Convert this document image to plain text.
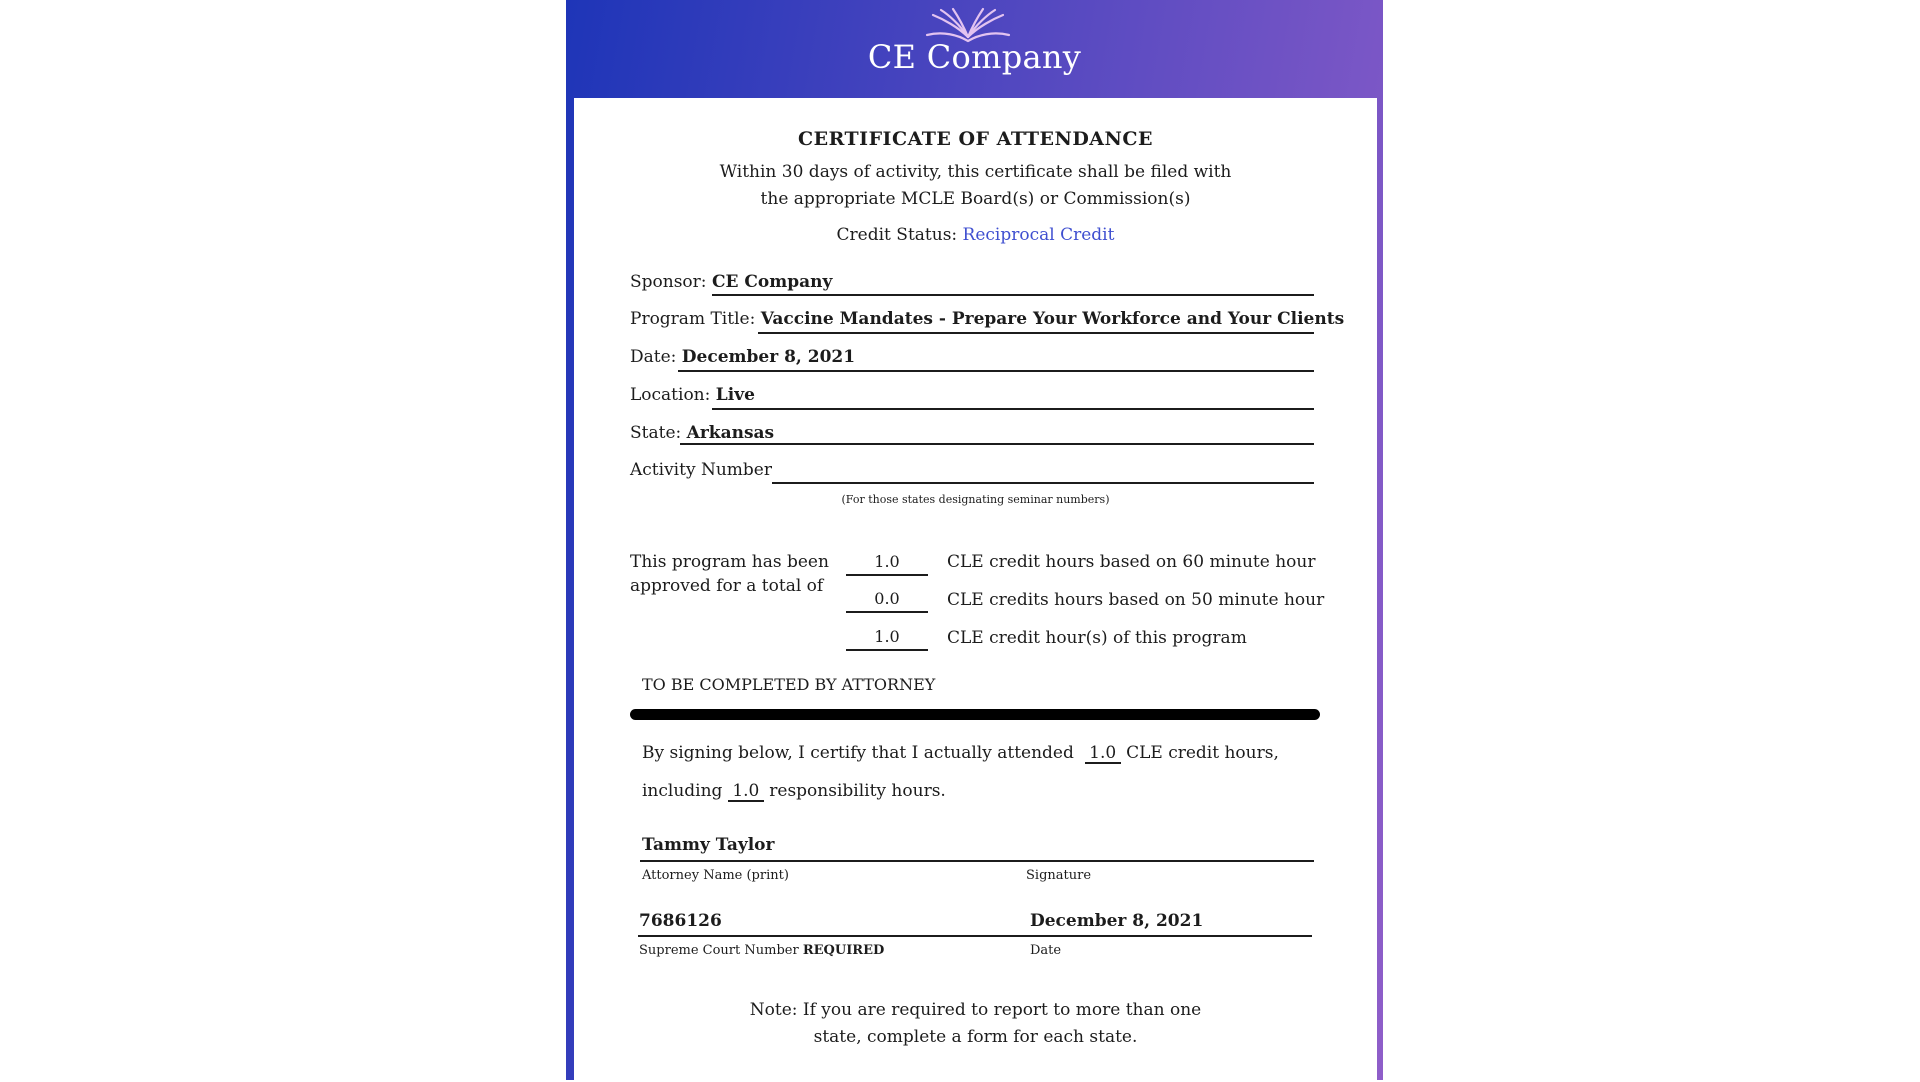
CE Company
CERTIFICATE OF ATTENDANCE
Within 30 days of activity, this certificate shall be filed with
the appropriate MCLE Board(s) or Commission(s)
Credit Status: Reciprocal Credit
Sponsor: CE Company
Program Title: Vaccine Mandates - Prepare Your Workforce and Your Clients
Date: December 8, 2021
Location: Live
State: Arkansas
Activity Number
(For those states designating seminar numbers)
This program has been
approved for a total of
1.0	CLE credit hours based on 60 minute hour
0.0	CLE credits hours based on 50 minute hour
1.0	CLE credit hour(s) of this program
TO BE COMPLETED BY ATTORNEY
By signing below, I certify that I actually attended 1.0 CLE credit hours,
including 1.0 responsibility hours.
Tammy Taylor
Attorney Name (print)	Signature
7686126	December 8, 2021
Supreme Court Number REQUIRED	Date
Note: If you are required to report to more than one
state, complete a form for each state.
